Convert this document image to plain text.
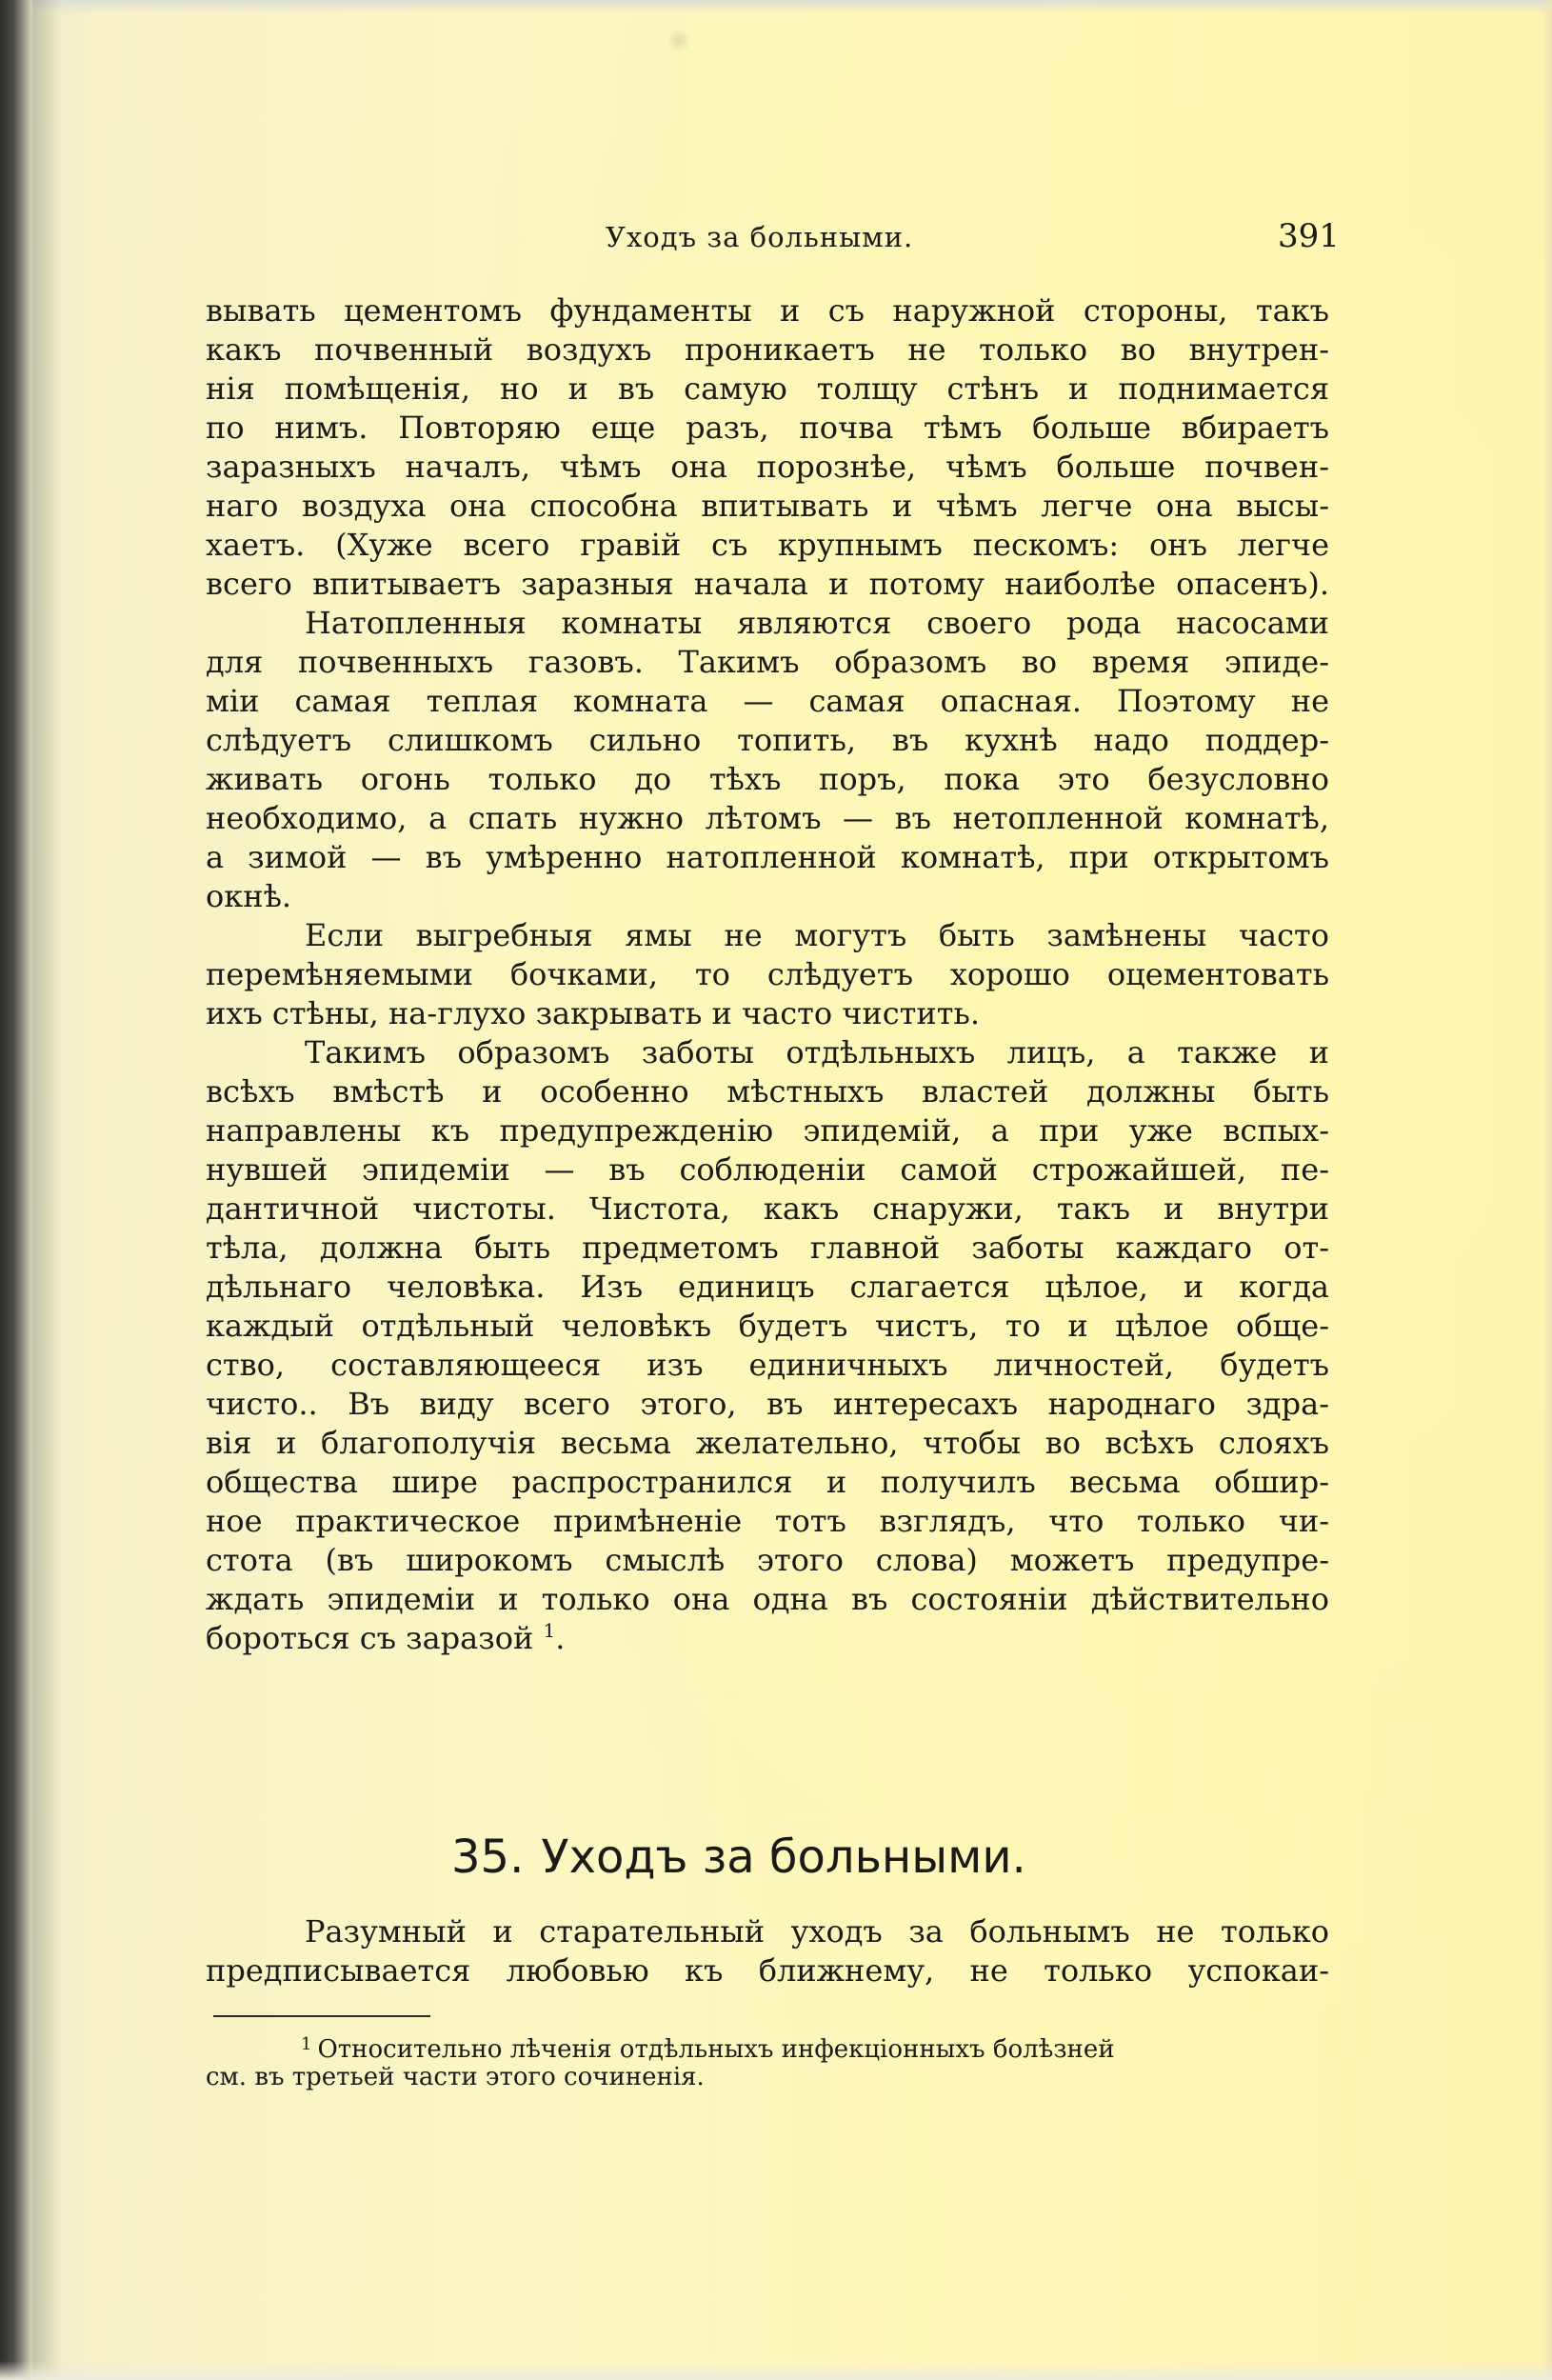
Уходъ за больными.	391
вывать цементомъ фундаменты и съ наружной стороны, такъ
какъ почвенный воздухъ проникаетъ не только во внутрен-
нія помѣщенія, но и въ самую толщу стѣнъ и поднимается
по нимъ. Повторяю еще разъ, почва тѣмъ больше вбираетъ
заразныхъ началъ, чѣмъ она порознѣе, чѣмъ больше почвен-
наго воздуха она способна впитывать и чѣмъ легче она высы-
хаетъ. (Хуже всего гравій съ крупнымъ пескомъ: онъ легче
всего впитываетъ заразныя начала и потому наиболѣе опасенъ).
Натопленныя комнаты являются своего рода насосами
для почвенныхъ газовъ. Такимъ образомъ во время эпиде-
міи самая теплая комната — самая опасная. Поэтому не
слѣдуетъ слишкомъ сильно топить, въ кухнѣ надо поддер-
живать огонь только до тѣхъ поръ, пока это безусловно
необходимо, а спать нужно лѣтомъ — въ нетопленной комнатѣ,
а зимой — въ умѣренно натопленной комнатѣ, при открытомъ
окнѣ.
Если выгребныя ямы не могутъ быть замѣнены часто
перемѣняемыми бочками, то слѣдуетъ хорошо оцементовать
ихъ стѣны, на-глухо закрывать и часто чистить.
Такимъ образомъ заботы отдѣльныхъ лицъ, а также и
всѣхъ вмѣстѣ и особенно мѣстныхъ властей должны быть
направлены къ предупрежденію эпидемій, а при уже вспых-
нувшей эпидеміи — въ соблюденіи самой строжайшей, пе-
дантичной чистоты. Чистота, какъ снаружи, такъ и внутри
тѣла, должна быть предметомъ главной заботы каждаго от-
дѣльнаго человѣка. Изъ единицъ слагается цѣлое, и когда
каждый отдѣльный человѣкъ будетъ чистъ, то и цѣлое обще-
ство, составляющееся изъ единичныхъ личностей, будетъ
чисто.. Въ виду всего этого, въ интересахъ народнаго здра-
вія и благополучія весьма желательно, чтобы во всѣхъ слояхъ
общества шире распространился и получилъ весьма обшир-
ное практическое примѣненіе тотъ взглядъ, что только чи-
стота (въ широкомъ смыслѣ этого слова) можетъ предупре-
ждать эпидеміи и только она одна въ состояніи дѣйствительно
бороться съ заразой $^1$.
35. Уходъ за больными.
Разумный и старательный уходъ за больнымъ не только
предписывается любовью къ ближнему, не только успокаи-
$^1$ Относительно лѣченія отдѣльныхъ инфекціонныхъ болѣзней
см. въ третьей части этого сочиненія.
